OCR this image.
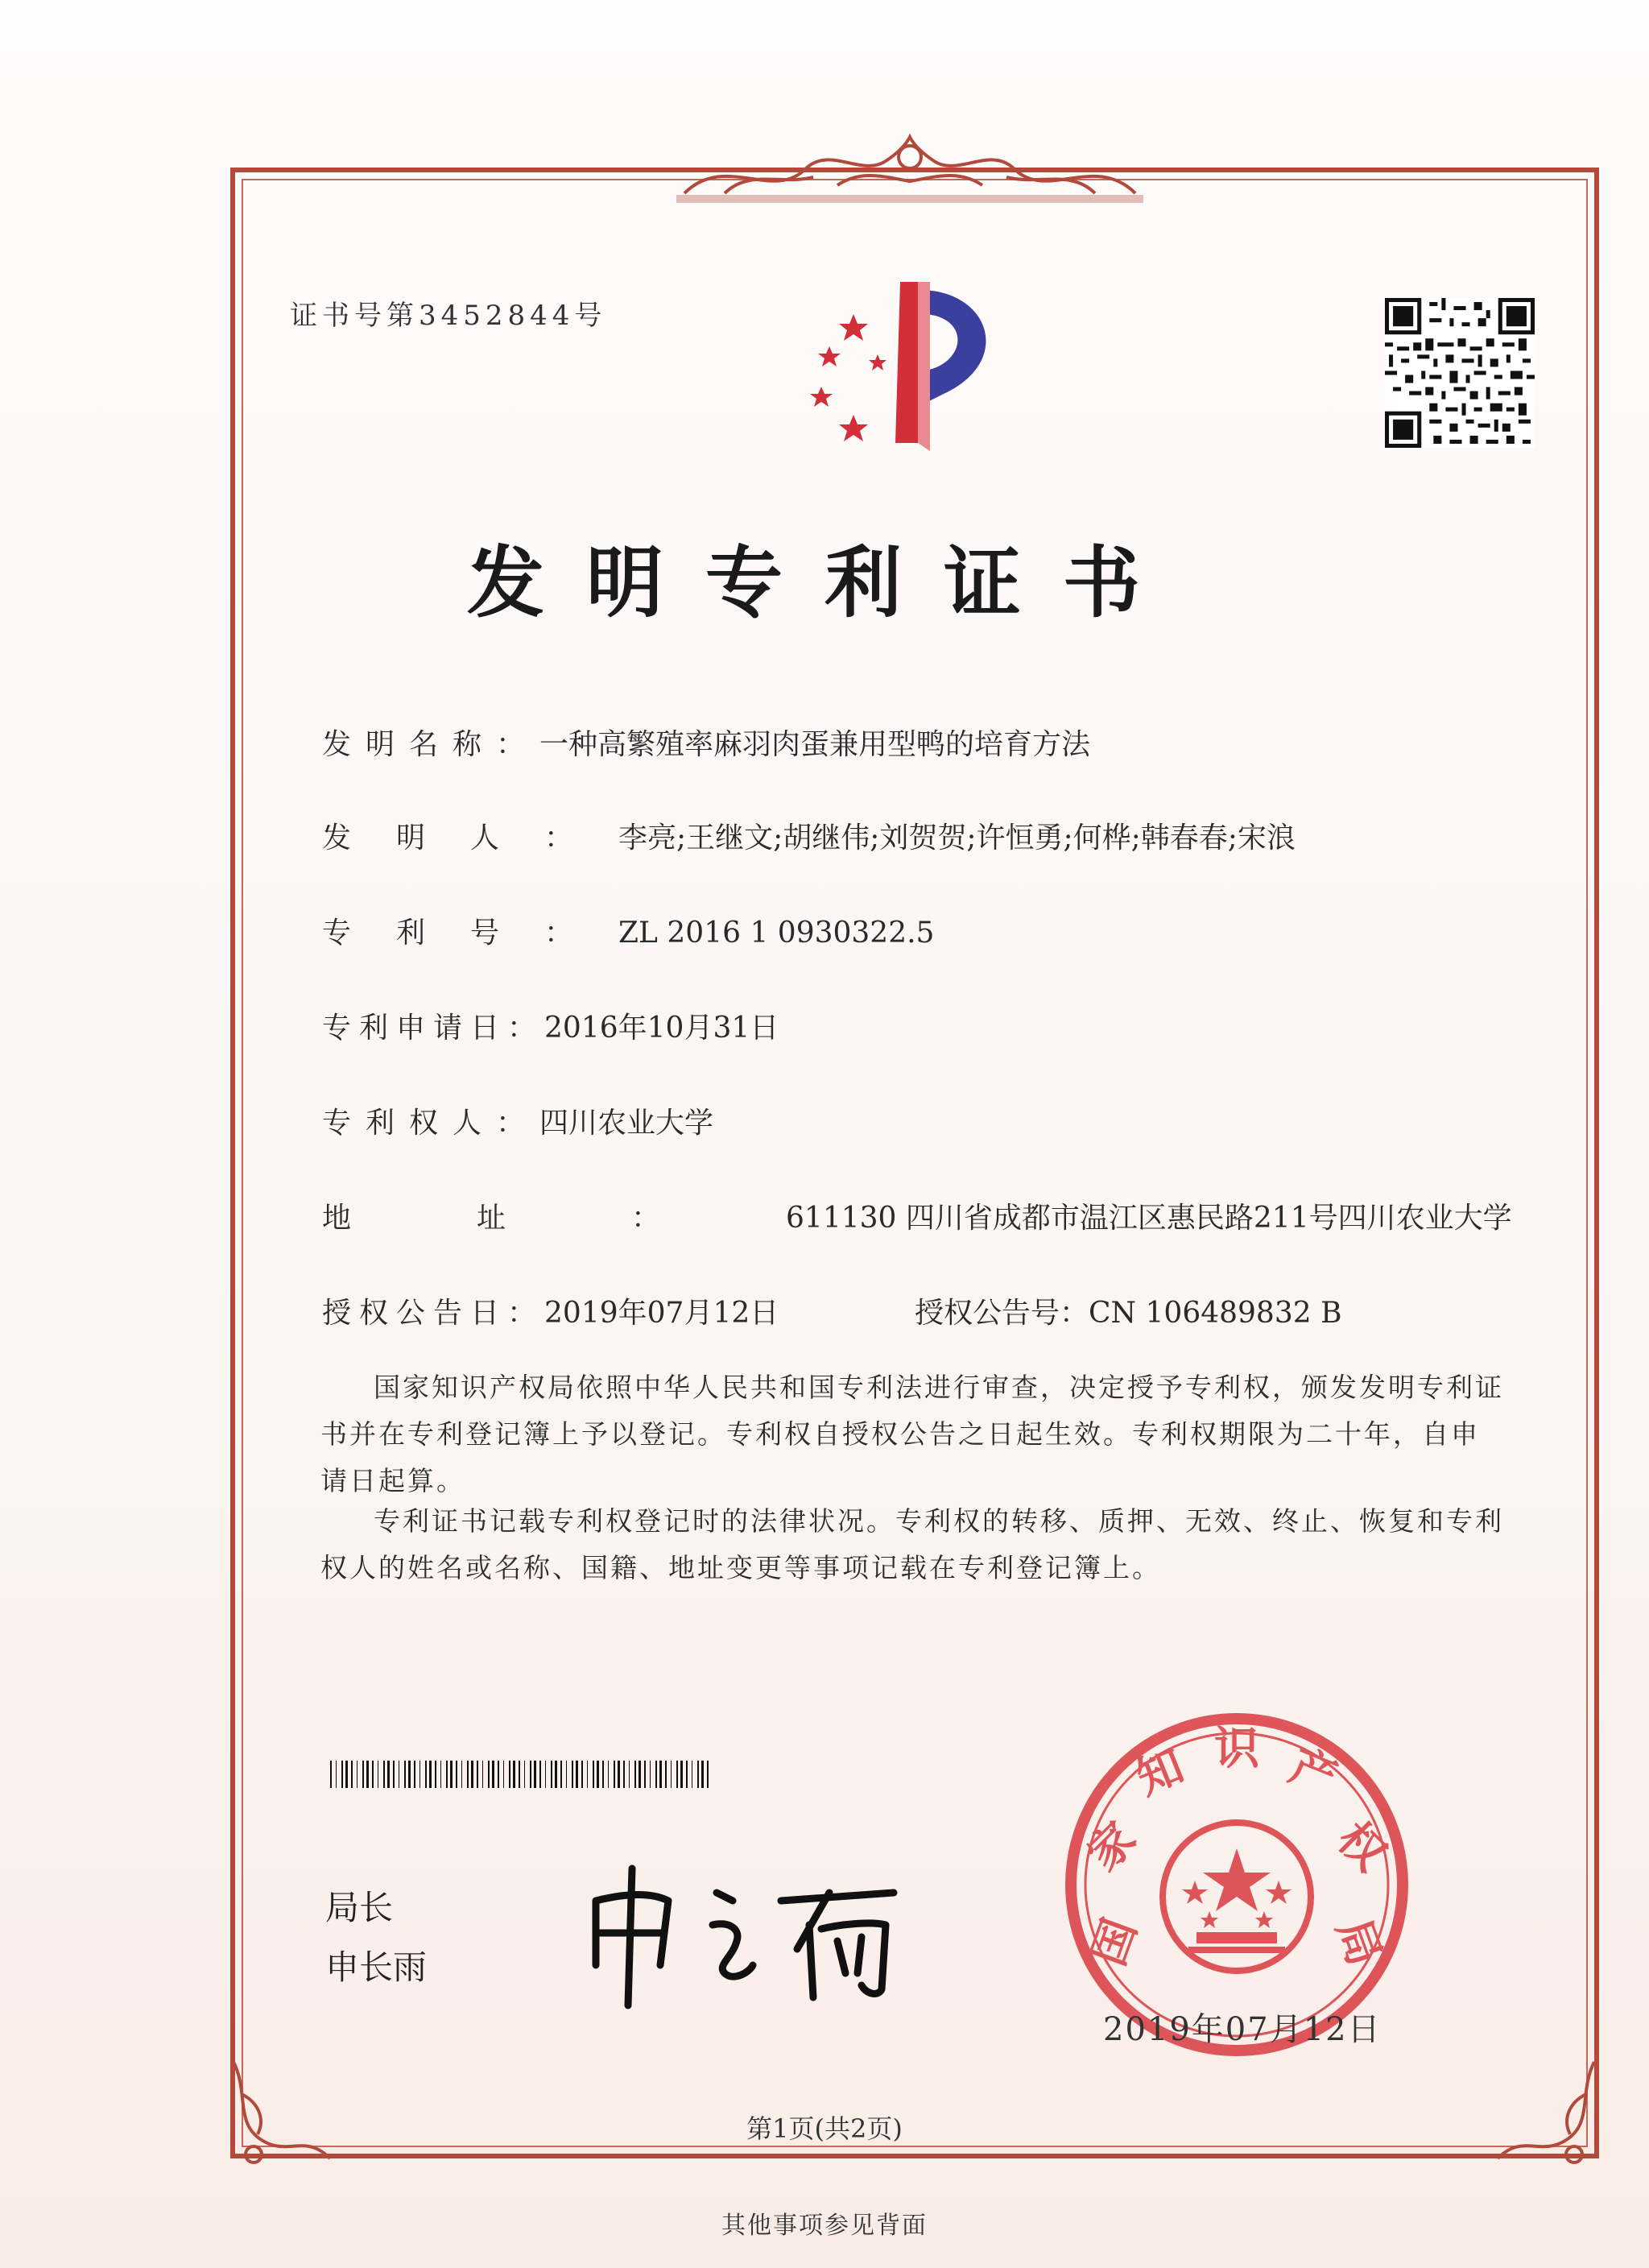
证书号第3452844号
发明专利证书
发明名称：一种高繁殖率麻羽肉蛋兼用型鸭的培育方法
发明人：李亮;王继文;胡继伟;刘贺贺;许恒勇;何桦;韩春春;宋浪
专利号：ZL 2016 1 0930322.5
专利申请日：2016年10月31日
专利权人：四川农业大学
地址：611130 四川省成都市温江区惠民路211号四川农业大学
授权公告日：2019年07月12日	授权公告号：CN 106489832 B
国家知识产权局依照中华人民共和国专利法进行审查，决定授予专利权，颁发发明专利证书并在专利登记簿上予以登记。专利权自授权公告之日起生效。专利权期限为二十年，自申请日起算。
专利证书记载专利权登记时的法律状况。专利权的转移、质押、无效、终止、恢复和专利权人的姓名或名称、国籍、地址变更等事项记载在专利登记簿上。
局长
申长雨	国
家
知 识 产
权
局
2019年07月12日
第1页(共2页)
其他事项参见背面
